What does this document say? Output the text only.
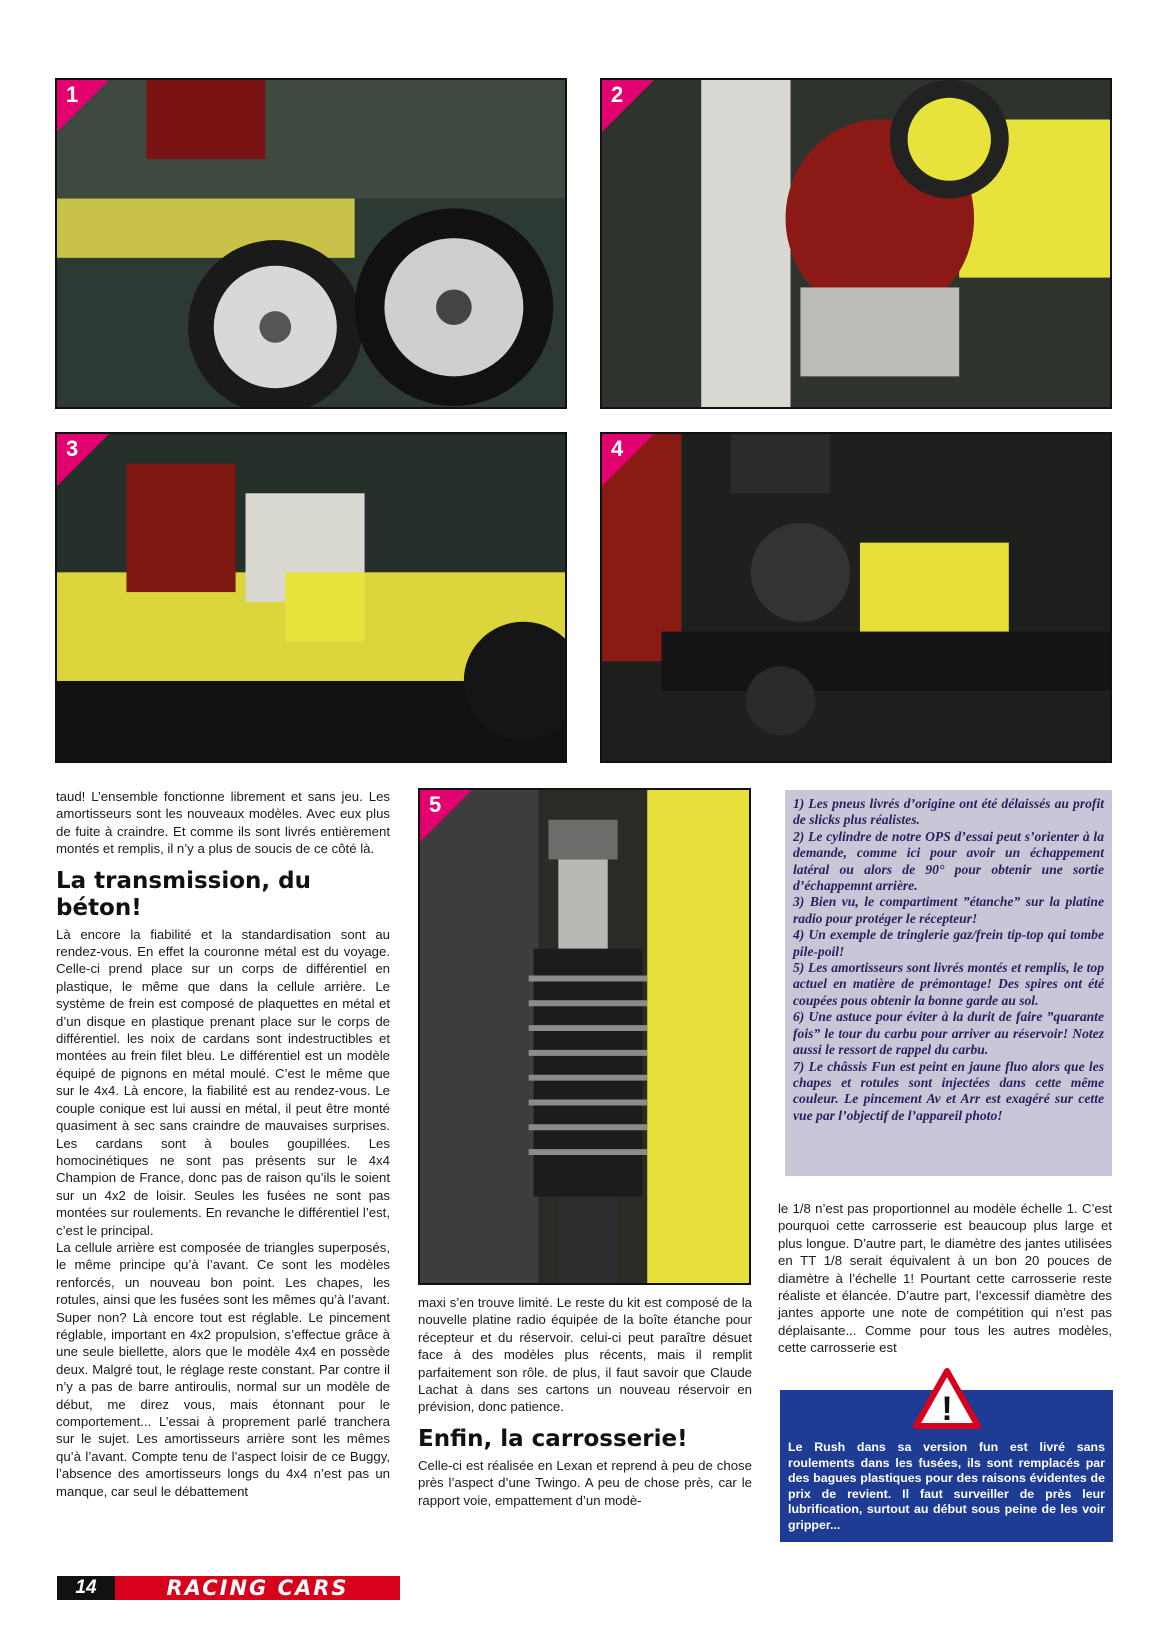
1	2
3	4
5

taud! L’ensemble fonctionne librement et sans jeu. Les amortisseurs sont les nouveaux modèles. Avec eux plus de fuite à craindre. Et comme ils sont livrés entièrement montés et remplis, il n’y a plus de soucis de ce côté là.

La transmission, du béton!

Là encore la fiabilité et la standardisation sont au rendez-vous. En effet la couronne métal est du voyage. Celle-ci prend place sur un corps de différentiel en plastique, le même que dans la cellule arrière. Le système de frein est composé de plaquettes en métal et d’un disque en plastique prenant place sur le corps de différentiel. les noix de cardans sont indestructibles et montées au frein filet bleu. Le différentiel est un modèle équipé de pignons en métal moulé. C’est le même que sur le 4x4. Là encore, la fiabilité est au rendez-vous. Le couple conique est lui aussi en métal, il peut être monté quasiment à sec sans craindre de mauvaises surprises. Les cardans sont à boules goupillées. Les homocinétiques ne sont pas présents sur le 4x4 Champion de France, donc pas de raison qu’ils le soient sur un 4x2 de loisir. Seules les fusées ne sont pas montées sur roulements. En revanche le différentiel l’est, c’est le principal.

La cellule arrière est composée de triangles superposés, le même principe qu’à l’avant. Ce sont les modèles renforcés, un nouveau bon point. Les chapes, les rotules, ainsi que les fusées sont les mêmes qu’à l’avant. Super non? Là encore tout est réglable. Le pincement réglable, important en 4x2 propulsion, s’effectue grâce à une seule biellette, alors que le modèle 4x4 en possède deux. Malgré tout, le réglage reste constant. Par contre il n’y a pas de barre antiroulis, normal sur un modèle de début, me direz vous, mais étonnant pour le comportement... L’essai à proprement parlé tranchera sur le sujet. Les amortisseurs arrière sont les mêmes qu’à l’avant. Compte tenu de l’aspect loisir de ce Buggy, l’absence des amortisseurs longs du 4x4 n’est pas un manque, car seul le débattement

maxi s’en trouve limité. Le reste du kit est composé de la nouvelle platine radio équipée de la boîte étanche pour récepteur et du réservoir. celui-ci peut paraître désuet face à des modèles plus récents, mais il remplit parfaitement son rôle. de plus, il faut savoir que Claude Lachat à dans ses cartons un nouveau réservoir en prévision, donc patience.

Enfin, la carrosserie!

Celle-ci est réalisée en Lexan et reprend à peu de chose près l’aspect d’une Twingo. A peu de chose près, car le rapport voie, empattement d’un modè-

le 1/8 n’est pas proportionnel au modèle échelle 1. C’est pourquoi cette carrosserie est beaucoup plus large et plus longue. D’autre part, le diamètre des jantes utilisées en TT 1/8 serait équivalent à un bon 20 pouces de diamètre à l’échelle 1! Pourtant cette carrosserie reste réaliste et élancée. D’autre part, l’excessif diamètre des jantes apporte une note de compétition qui n’est pas déplaisante... Comme pour tous les autres modèles, cette carrosserie est

1) Les pneus livrés d’origine ont été délaissés au profit de slicks plus réalistes.

2) Le cylindre de notre OPS d’essai peut s’orienter à la demande, comme ici pour avoir un échappement latéral ou alors de 90° pour obtenir une sortie d’échappemnt arrière.

3) Bien vu, le compartiment ”étanche” sur la platine radio pour protéger le récepteur!

4) Un exemple de tringlerie gaz/frein tip-top qui tombe pile-poil!

5) Les amortisseurs sont livrés montés et remplis, le top actuel en matière de prémontage! Des spires ont été coupées pous obtenir la bonne garde au sol.

6) Une astuce pour éviter à la durit de faire ”quarante fois” le tour du carbu pour arriver au réservoir! Notez aussi le ressort de rappel du carbu.

7) Le châssis Fun est peint en jaune fluo alors que les chapes et rotules sont injectées dans cette même couleur. Le pincement Av et Arr est exagéré sur cette vue par l’objectif de l’appareil photo!

!
Le Rush dans sa version fun est livré sans roulements dans les fusées, ils sont remplacés par des bagues plastiques pour des raisons évidentes de prix de revient. Il faut surveiller de près leur lubrification, surtout au début sous peine de les voir gripper...
14	RACING CARS
